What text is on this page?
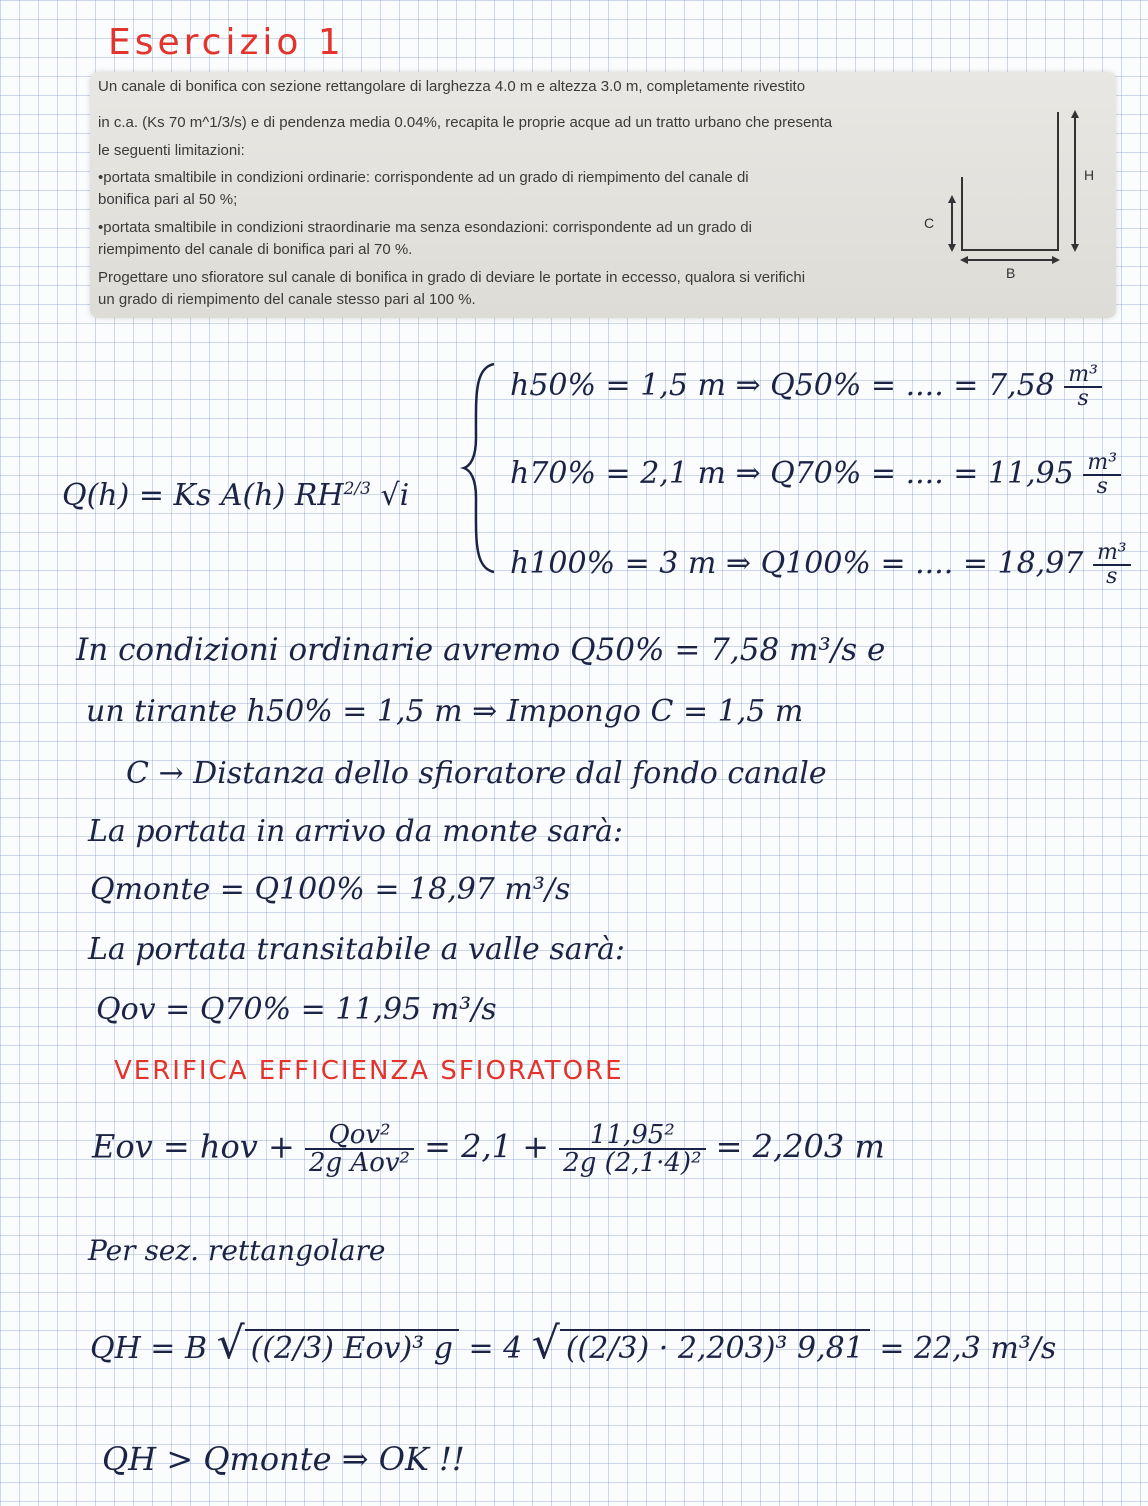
Esercizio 1
Un canale di bonifica con sezione rettangolare di larghezza 4.0 m e altezza 3.0 m, completamente rivestito
in c.a. (Ks 70 m^1/3/s) e di pendenza media 0.04%, recapita le proprie acque ad un tratto urbano che presenta
le seguenti limitazioni:
•portata smaltibile in condizioni ordinarie: corrispondente ad un grado di riempimento del canale di
bonifica pari al 50 %;
•portata smaltibile in condizioni straordinarie ma senza esondazioni: corrispondente ad un grado di
riempimento del canale di bonifica pari al 70 %.
Progettare uno sfioratore sul canale di bonifica in grado di deviare le portate in eccesso, qualora si verifichi
un grado di riempimento del canale stesso pari al 100 %.
H
C
B
Q(h) = Ks A(h) $RH^{2/3}$ √i
h50% = 1,5 m ⇒ Q50% = .... = $7,58 \frac{\text{m³}}{s}$
h70% = 2,1 m ⇒ Q70% = .... = $11,95 \frac{\text{m³}}{s}$
h100% = 3 m ⇒ Q100% = .... = $18,97 \frac{\text{m³}}{s}$
In condizioni ordinarie avremo Q50% = 7,58 m³/s e
un tirante h50% = 1,5 m ⇒ Impongo C = 1,5 m
C → Distanza dello sfioratore dal fondo canale
La portata in arrivo da monte sarà:
Qmonte = Q100% = 18,97 m³/s
La portata transitabile a valle sarà:
Qov = Q70% = 11,95 m³/s
VERIFICA EFFICIENZA SFIORATORE
Eov = hov + $\frac{\text{Qov²}}{\text{2g Aov²}} = 2,1 + \frac{\text{11,95²}}{\text{2g (2,1·4)²}} = 2,203$ m
Per sez. rettangolare
QH = B √ ((2/3) Eov)³ g = 4 √ ((2/3) · 2,203)³ 9,81 = 22,3 m³/s
QH > Qmonte ⇒ OK !!
